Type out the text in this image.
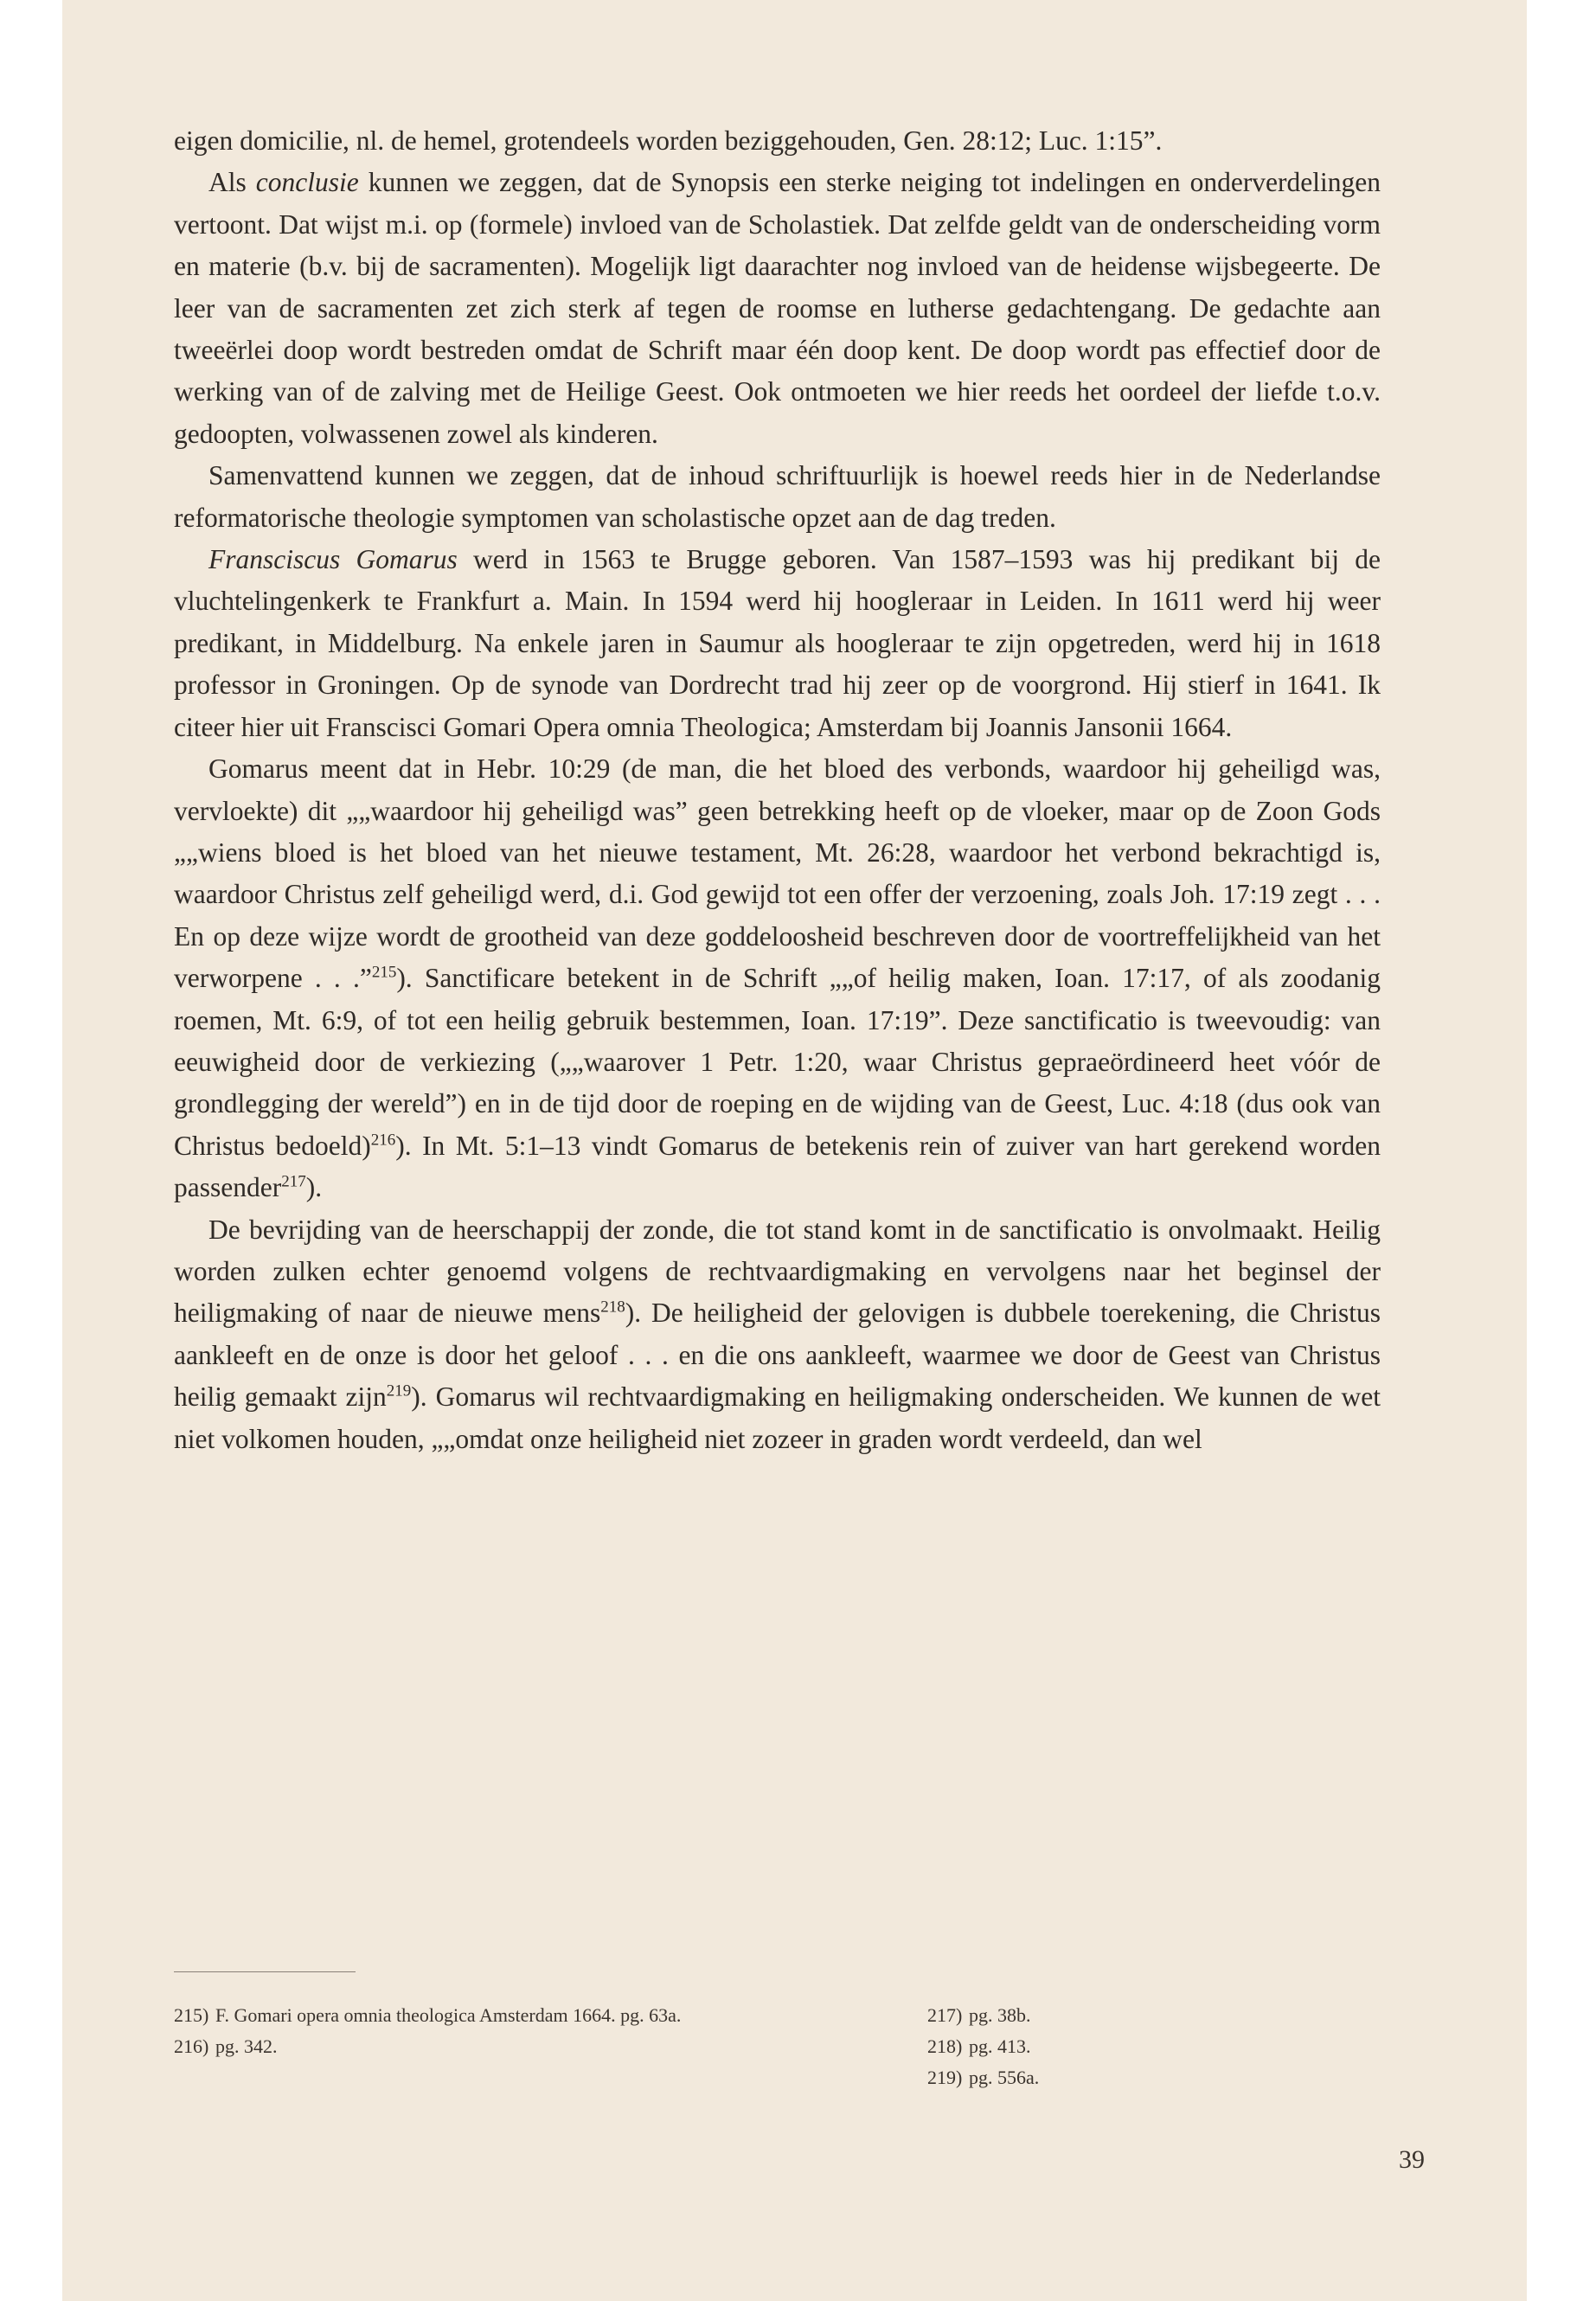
eigen domicilie, nl. de hemel, grotendeels worden beziggehouden, Gen. 28:12; Luc. 1:15”.

Als conclusie kunnen we zeggen, dat de Synopsis een sterke neiging tot indelingen en onderverdelingen vertoont. Dat wijst m.i. op (formele) invloed van de Scholastiek. Dat zelfde geldt van de onderscheiding vorm en materie (b.v. bij de sacramenten). Mogelijk ligt daarachter nog invloed van de heidense wijsbegeerte. De leer van de sacramenten zet zich sterk af tegen de roomse en lutherse gedachtengang. De gedachte aan tweeërlei doop wordt bestreden omdat de Schrift maar één doop kent. De doop wordt pas effectief door de werking van of de zalving met de Heilige Geest. Ook ontmoeten we hier reeds het oordeel der liefde t.o.v. gedoopten, volwassenen zowel als kinderen.

Samenvattend kunnen we zeggen, dat de inhoud schriftuurlijk is hoewel reeds hier in de Nederlandse reformatorische theologie symptomen van scholastische opzet aan de dag treden.

Fransciscus Gomarus werd in 1563 te Brugge geboren. Van 1587–1593 was hij predikant bij de vluchtelingenkerk te Frankfurt a. Main. In 1594 werd hij hoogleraar in Leiden. In 1611 werd hij weer predikant, in Middelburg. Na enkele jaren in Saumur als hoogleraar te zijn opgetreden, werd hij in 1618 professor in Groningen. Op de synode van Dordrecht trad hij zeer op de voorgrond. Hij stierf in 1641. Ik citeer hier uit Franscisci Gomari Opera omnia Theologica; Amsterdam bij Joannis Jansonii 1664.

Gomarus meent dat in Hebr. 10:29 (de man, die het bloed des verbonds, waardoor hij geheiligd was, vervloekte) dit „„waardoor hij geheiligd was” geen betrekking heeft op de vloeker, maar op de Zoon Gods „„wiens bloed is het bloed van het nieuwe testament, Mt. 26:28, waardoor het verbond bekrachtigd is, waardoor Christus zelf geheiligd werd, d.i. God gewijd tot een offer der verzoening, zoals Joh. 17:19 zegt . . . En op deze wijze wordt de grootheid van deze goddeloosheid beschreven door de voortreffelijkheid van het verworpene . . .”$^{215}$). Sanctificare betekent in de Schrift „„of heilig maken, Ioan. 17:17, of als zoodanig roemen, Mt. 6:9, of tot een heilig gebruik bestemmen, Ioan. 17:19”. Deze sanctificatio is tweevoudig: van eeuwigheid door de verkiezing („„waarover 1 Petr. 1:20, waar Christus gepraeördineerd heet vóór de grondlegging der wereld”) en in de tijd door de roeping en de wijding van de Geest, Luc. 4:18 (dus ook van Christus bedoeld)$^{216}$). In Mt. 5:1–13 vindt Gomarus de betekenis rein of zuiver van hart gerekend worden passender$^{217}$).

De bevrijding van de heerschappij der zonde, die tot stand komt in de sanctificatio is onvolmaakt. Heilig worden zulken echter genoemd volgens de rechtvaardigmaking en vervolgens naar het beginsel der heiligmaking of naar de nieuwe mens$^{218}$). De heiligheid der gelovigen is dubbele toerekening, die Christus aankleeft en de onze is door het geloof . . . en die ons aankleeft, waarmee we door de Geest van Christus heilig gemaakt zijn$^{219}$). Gomarus wil rechtvaardigmaking en heiligmaking onderscheiden. We kunnen de wet niet volkomen houden, „„omdat onze heiligheid niet zozeer in graden wordt verdeeld, dan wel

215) F. Gomari opera omnia theologica Amsterdam 1664. pg. 63a.
216) pg. 342.
217) pg. 38b.
218) pg. 413.
219) pg. 556a.
39
